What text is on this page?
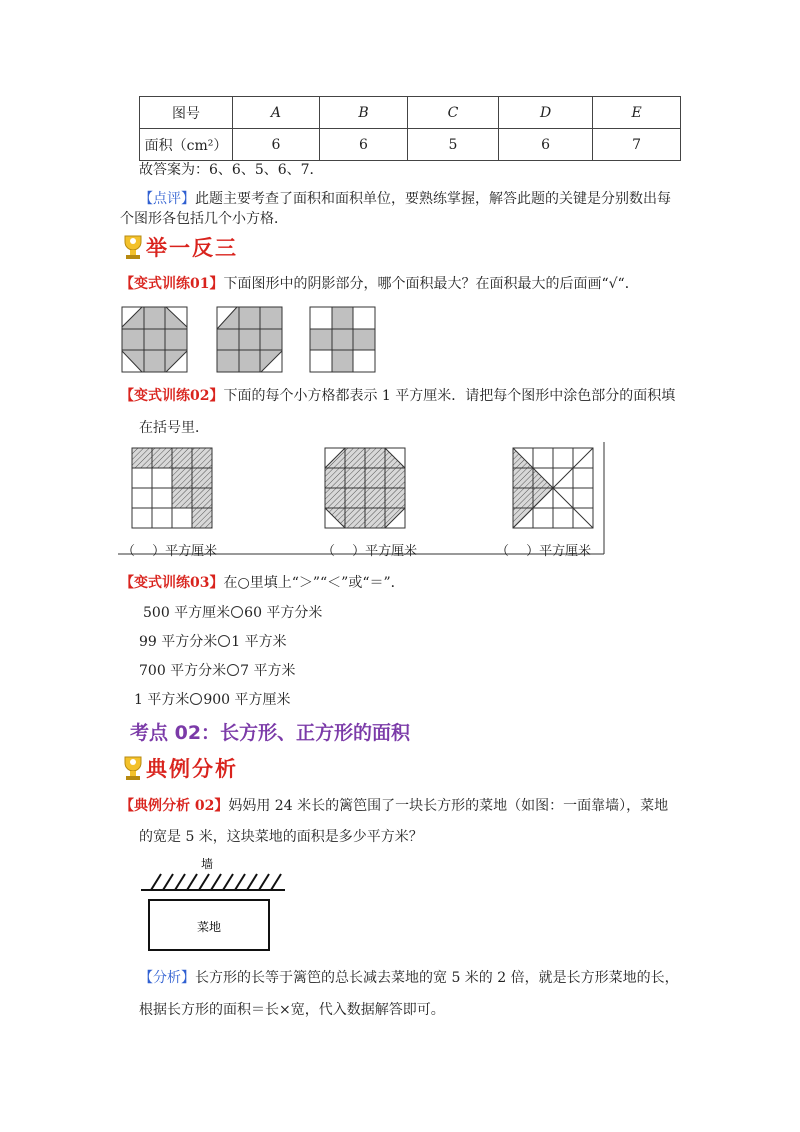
图号	A	B	C	D	E
面积（cm²）	6	6	5	6	7
故答案为：6、6、5、6、7．
【点评】此题主要考查了面积和面积单位，要熟练掌握，解答此题的关键是分别数出每
个图形各包括几个小方格．
举一反三
【变式训练01】下面图形中的阴影部分，哪个面积最大？在面积最大的后面画“√“．
【变式训练02】下面的每个小方格都表示 1 平方厘米．请把每个图形中涂色部分的面积填
在括号里．
（　 ）平方厘米	（　 ）平方厘米	（　 ）平方厘米
【变式训练03】在○里填上“＞”“＜”或“＝”．
500 平方厘米 60 平方分米
99 平方分米 1 平方米
700 平方分米 7 平方米
1 平方米 900 平方厘米
考点 02：长方形、正方形的面积
典例分析
【典例分析 02】妈妈用 24 米长的篱笆围了一块长方形的菜地（如图：一面靠墙），菜地
的宽是 5 米，这块菜地的面积是多少平方米？
墙
菜地
【分析】长方形的长等于篱笆的总长减去菜地的宽 5 米的 2 倍，就是长方形菜地的长，
根据长方形的面积＝长×宽，代入数据解答即可。
